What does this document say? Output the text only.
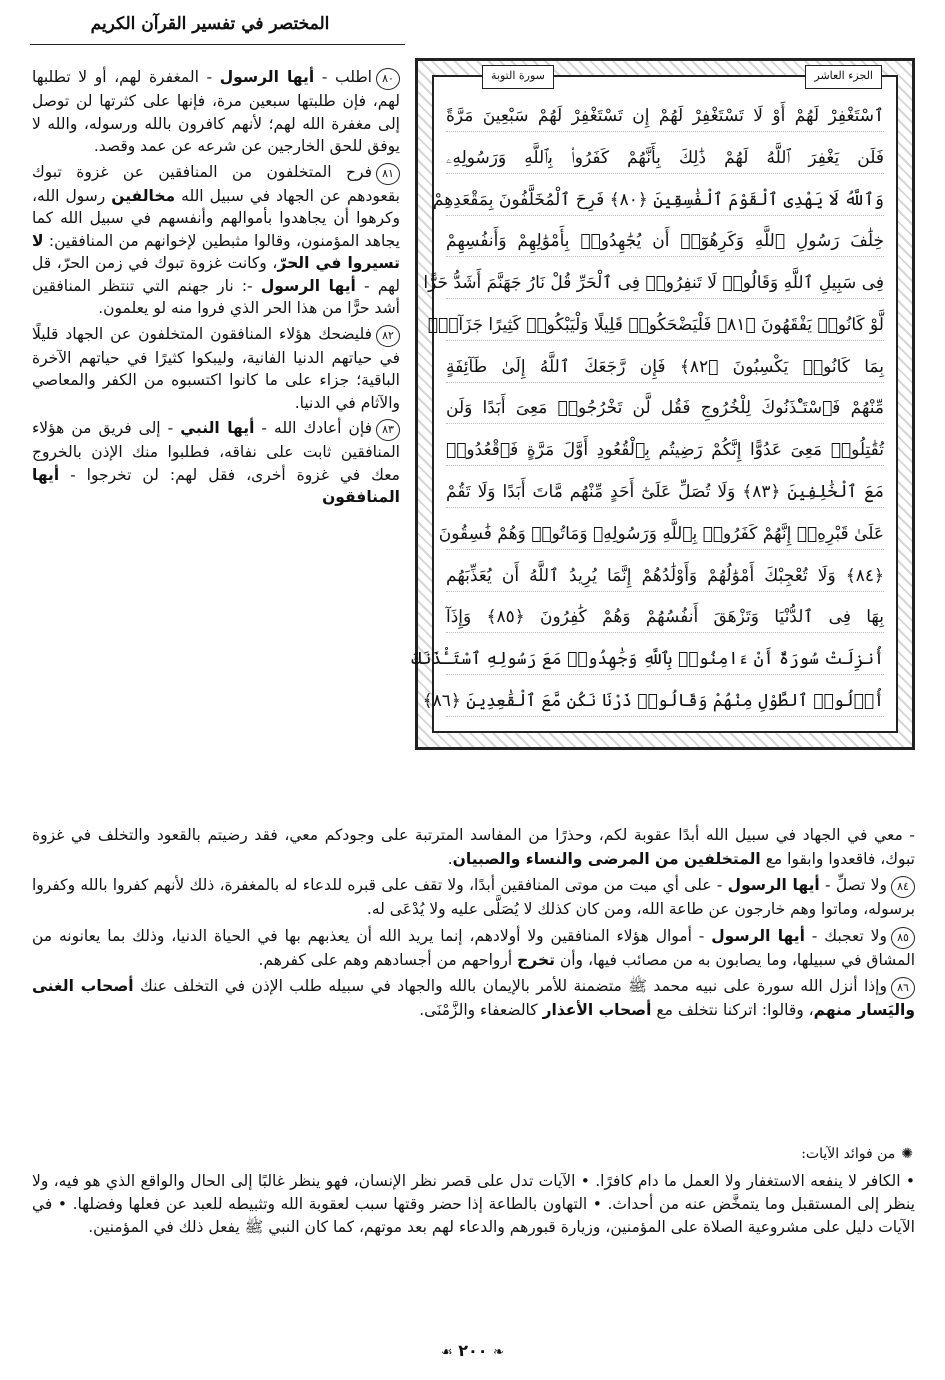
المختصر في تفسير القرآن الكريم
سورة التوبة	الجزء العاشر
ٱسْتَغْفِرْ لَهُمْ أَوْ لَا تَسْتَغْفِرْ لَهُمْ إِن تَسْتَغْفِرْ لَهُمْ سَبْعِينَ مَرَّةً
فَلَن يَغْفِرَ ٱللَّهُ لَهُمْ ذَٰلِكَ بِأَنَّهُمْ كَفَرُوا۟ بِٱللَّهِ وَرَسُولِهِۦ
وَٱللَّهُ لَا يَهْدِى ٱلْقَوْمَ ٱلْفَٰسِقِينَ ﴿٨٠﴾ فَرِحَ ٱلْمُخَلَّفُونَ بِمَقْعَدِهِمْ
خِلَٰفَ رَسُولِ ٱللَّهِ وَكَرِهُوٓا۟ أَن يُجَٰهِدُوا۟ بِأَمْوَٰلِهِمْ وَأَنفُسِهِمْ
فِى سَبِيلِ ٱللَّهِ وَقَالُوا۟ لَا تَنفِرُوا۟ فِى ٱلْحَرِّ قُلْ نَارُ جَهَنَّمَ أَشَدُّ حَرًّا
لَّوْ كَانُوا۟ يَفْقَهُونَ ﴿٨١﴾ فَلْيَضْحَكُوا۟ قَلِيلًا وَلْيَبْكُوا۟ كَثِيرًا جَزَآءًۢ
بِمَا كَانُوا۟ يَكْسِبُونَ ﴿٨٢﴾ فَإِن رَّجَعَكَ ٱللَّهُ إِلَىٰ طَآئِفَةٍ
مِّنْهُمْ فَٱسْتَـْٔذَنُوكَ لِلْخُرُوجِ فَقُل لَّن تَخْرُجُوا۟ مَعِىَ أَبَدًا وَلَن
تُقَٰتِلُوا۟ مَعِىَ عَدُوًّا إِنَّكُمْ رَضِيتُم بِٱلْقُعُودِ أَوَّلَ مَرَّةٍ فَٱقْعُدُوا۟
مَعَ ٱلْخَٰلِفِينَ ﴿٨٣﴾ وَلَا تُصَلِّ عَلَىٰٓ أَحَدٍ مِّنْهُم مَّاتَ أَبَدًا وَلَا تَقُمْ
عَلَىٰ قَبْرِهِۦٓ إِنَّهُمْ كَفَرُوا۟ بِٱللَّهِ وَرَسُولِهِۦ وَمَاتُوا۟ وَهُمْ فَٰسِقُونَ
﴿٨٤﴾ وَلَا تُعْجِبْكَ أَمْوَٰلُهُمْ وَأَوْلَٰدُهُمْ إِنَّمَا يُرِيدُ ٱللَّهُ أَن يُعَذِّبَهُم
بِهَا فِى ٱلدُّنْيَا وَتَزْهَقَ أَنفُسُهُمْ وَهُمْ كَٰفِرُونَ ﴿٨٥﴾ وَإِذَآ
أُنزِلَتْ سُورَةٌ أَنْ ءَامِنُوا۟ بِٱللَّهِ وَجَٰهِدُوا۟ مَعَ رَسُولِهِ ٱسْتَـْٔذَنَكَ
أُو۟لُوا۟ ٱلطَّوْلِ مِنْهُمْ وَقَالُوا۟ ذَرْنَا نَكُن مَّعَ ٱلْقَٰعِدِينَ ﴿٨٦﴾

٨٠اطلب - أيها الرسول - المغفرة لهم، أو لا تطلبها لهم، فإن طلبتها سبعين مرة، فإنها على كثرتها لن توصل إلى مغفرة الله لهم؛ لأنهم كافرون بالله ورسوله، والله لا يوفق للحق الخارجين عن شرعه عن عمد وقصد.

٨١فرح المتخلفون من المنافقين عن غزوة تبوك بقعودهم عن الجهاد في سبيل الله مخالفين رسول الله، وكرهوا أن يجاهدوا بأموالهم وأنفسهم في سبيل الله كما يجاهد المؤمنون، وقالوا مثبطين لإخوانهم من المنافقين: لا تسيروا في الحرّ، وكانت غزوة تبوك في زمن الحرّ، قل لهم - أيها الرسول -: نار جهنم التي تنتظر المنافقين أشد حرًّا من هذا الحر الذي فروا منه لو يعلمون.

٨٢فليضحك هؤلاء المنافقون المتخلفون عن الجهاد قليلًا في حياتهم الدنيا الفانية، وليبكوا كثيرًا في حياتهم الآخرة الباقية؛ جزاء على ما كانوا اكتسبوه من الكفر والمعاصي والآثام في الدنيا.

٨٣فإن أعادك الله - أيها النبي - إلى فريق من هؤلاء المنافقين ثابت على نفاقه، فطلبوا منك الإذن بالخروج معك في غزوة أخرى، فقل لهم: لن تخرجوا - أيها المنافقون

- معي في الجهاد في سبيل الله أبدًا عقوبة لكم، وحذرًا من المفاسد المترتبة على وجودكم معي، فقد رضيتم بالقعود والتخلف في غزوة تبوك، فاقعدوا وابقوا مع المتخلفين من المرضى والنساء والصبيان.

٨٤ولا تصلِّ - أيها الرسول - على أي ميت من موتى المنافقين أبدًا، ولا تقف على قبره للدعاء له بالمغفرة، ذلك لأنهم كفروا بالله وكفروا برسوله، وماتوا وهم خارجون عن طاعة الله، ومن كان كذلك لا يُصَلَّى عليه ولا يُدْعَى له.

٨٥ولا تعجبك - أيها الرسول - أموال هؤلاء المنافقين ولا أولادهم، إنما يريد الله أن يعذبهم بها في الحياة الدنيا، وذلك بما يعانونه من المشاق في سبيلها، وما يصابون به من مصائب فيها، وأن تخرج أرواحهم من أجسادهم وهم على كفرهم.

٨٦وإذا أنزل الله سورة على نبيه محمد ﷺ متضمنة للأمر بالإيمان بالله والجهاد في سبيله طلب الإذن في التخلف عنك أصحاب الغنى واليَسار منهم، وقالوا: اتركنا نتخلف مع أصحاب الأعذار كالضعفاء والزَّمْنَى.

✺
من فوائد الآيات:
• الكافر لا ينفعه الاستغفار ولا العمل ما دام كافرًا. • الآيات تدل على قصر نظر الإنسان، فهو ينظر غالبًا إلى الحال والواقع الذي هو فيه، ولا ينظر إلى المستقبل وما يتمخَّض عنه من أحداث. • التهاون بالطاعة إذا حضر وقتها سبب لعقوبة الله وتثبيطه للعبد عن فعلها وفضلها. • في الآيات دليل على مشروعية الصلاة على المؤمنين، وزيارة قبورهم والدعاء لهم بعد موتهم، كما كان النبي ﷺ يفعل ذلك في المؤمنين.
❧ ٢٠٠ ☙
